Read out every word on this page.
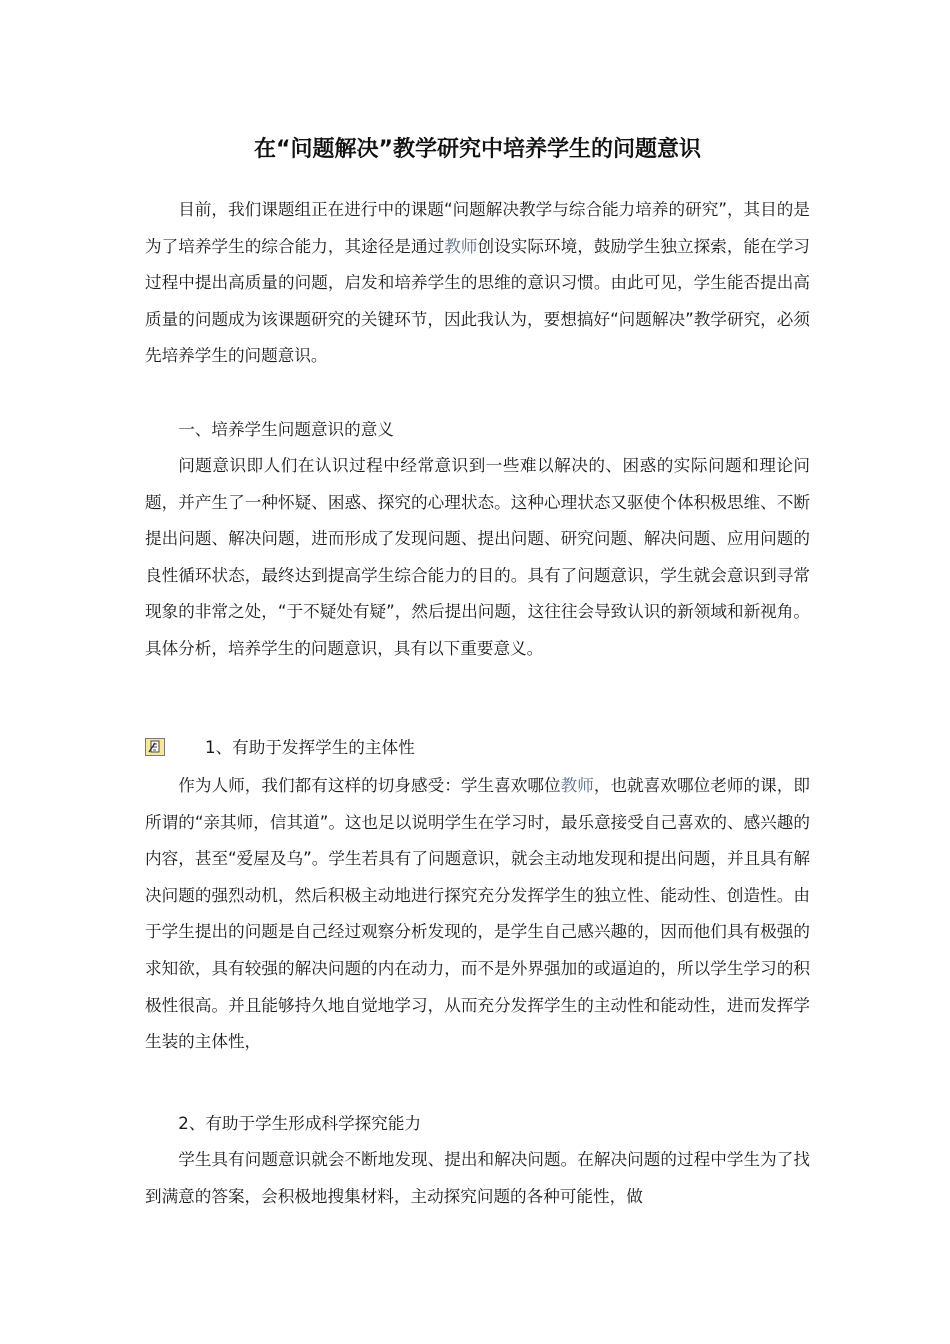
在“问题解决”教学研究中培养学生的问题意识

目前，我们课题组正在进行中的课题“问题解决教学与综合能力培养的研究”，其目的是为了培养学生的综合能力，其途径是通过教师创设实际环境，鼓励学生独立探索，能在学习过程中提出高质量的问题，启发和培养学生的思维的意识习惯。由此可见，学生能否提出高质量的问题成为该课题研究的关键环节，因此我认为，要想搞好“问题解决”教学研究，必须先培养学生的问题意识。

一、培养学生问题意识的意义

问题意识即人们在认识过程中经常意识到一些难以解决的、困惑的实际问题和理论问题，并产生了一种怀疑、困惑、探究的心理状态。这种心理状态又驱使个体积极思维、不断提出问题、解决问题，进而形成了发现问题、提出问题、研究问题、解决问题、应用问题的良性循环状态，最终达到提高学生综合能力的目的。具有了问题意识，学生就会意识到寻常现象的非常之处，“于不疑处有疑”，然后提出问题，这往往会导致认识的新领域和新视角。具体分析，培养学生的问题意识，具有以下重要意义。

1、有助于发挥学生的主体性

作为人师，我们都有这样的切身感受：学生喜欢哪位教师，也就喜欢哪位老师的课，即所谓的“亲其师，信其道”。这也足以说明学生在学习时，最乐意接受自己喜欢的、感兴趣的内容，甚至“爱屋及乌”。学生若具有了问题意识，就会主动地发现和提出问题，并且具有解决问题的强烈动机，然后积极主动地进行探究充分发挥学生的独立性、能动性、创造性。由于学生提出的问题是自己经过观察分析发现的，是学生自己感兴趣的，因而他们具有极强的求知欲，具有较强的解决问题的内在动力，而不是外界强加的或逼迫的，所以学生学习的积极性很高。并且能够持久地自觉地学习，从而充分发挥学生的主动性和能动性，进而发挥学生装的主体性，

2、有助于学生形成科学探究能力

学生具有问题意识就会不断地发现、提出和解决问题。在解决问题的过程中学生为了找到满意的答案，会积极地搜集材料，主动探究问题的各种可能性，做
